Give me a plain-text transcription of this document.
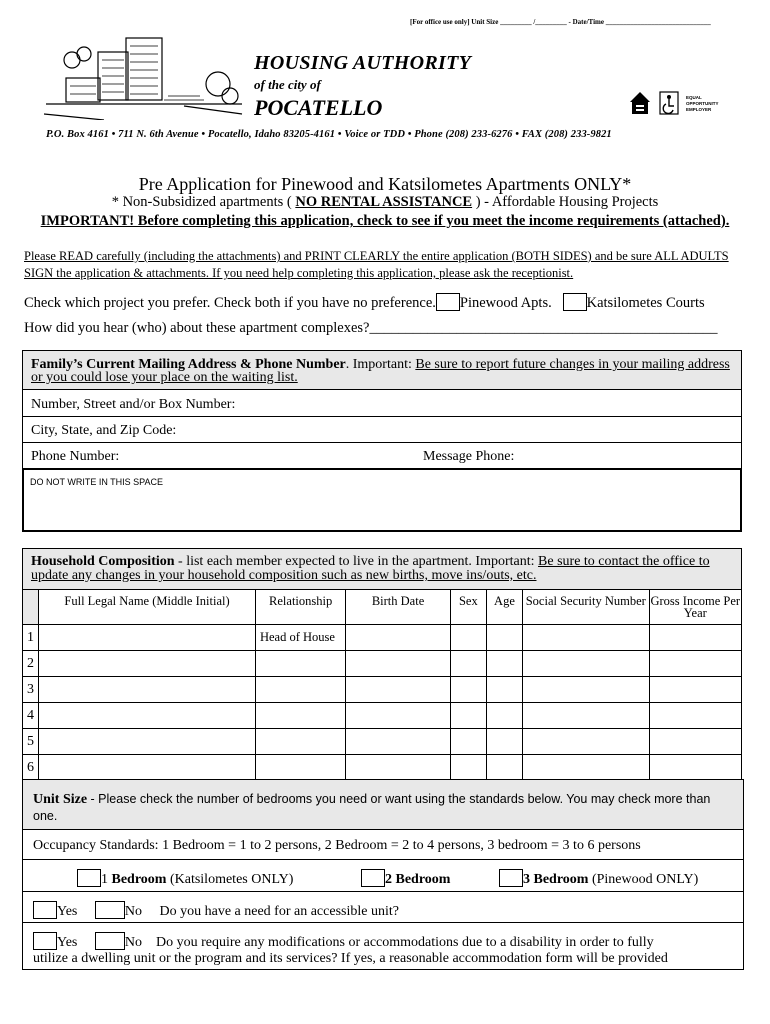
[For office use only] Unit Size _________ /_________ - Date/Time ______________________________
HOUSING AUTHORITY
of the city of
POCATELLO	EQUAL
OPPORTUNITY
EMPLOYER
P.O. Box 4161 • 711 N. 6th Avenue • Pocatello, Idaho 83205-4161 • Voice or TDD • Phone (208) 233-6276 • FAX (208) 233-9821
Pre Application for Pinewood and Katsilometes Apartments ONLY*
* Non-Subsidized apartments ( NO RENTAL ASSISTANCE ) - Affordable Housing Projects
IMPORTANT! Before completing this application, check to see if you meet the income requirements (attached).
Please READ carefully (including the attachments) and PRINT CLEARLY the entire application (BOTH SIDES) and be sure ALL ADULTS SIGN the application & attachments. If you need help completing this application, please ask the receptionist.
Check which project you prefer. Check both if you have no preference. Pinewood Apts. Katsilometes Courts
How did you hear (who) about these apartment complexes?________________________________________________
Family’s Current Mailing Address & Phone Number. Important: Be sure to report future changes in your mailing address or you could lose your place on the waiting list.
Number, Street and/or Box Number:
City, State, and Zip Code:
Phone Number:	Message Phone:
DO NOT WRITE IN THIS SPACE
Household Composition - list each member expected to live in the apartment. Important: Be sure to contact the office to update any changes in your household composition such as new births, move ins/outs, etc.
	Full Legal Name (Middle Initial)	Relationship	Birth Date	Sex	Age	Social Security Number	Gross Income Per Year
1		Head of House					
2							
3							
4							
5							
6							
Unit Size - Please check the number of bedrooms you need or want using the standards below. You may check more than one.
Occupancy Standards: 1 Bedroom = 1 to 2 persons, 2 Bedroom = 2 to 4 persons, 3 bedroom = 3 to 6 persons
1 Bedroom (Katsilometes ONLY)	2 Bedroom	3 Bedroom (Pinewood ONLY)
Yes	No Do you have a need for an accessible unit?
Yes	No Do you require any modifications or accommodations due to a disability in order to fully
utilize a dwelling unit or the program and its services? If yes, a reasonable accommodation form will be provided
